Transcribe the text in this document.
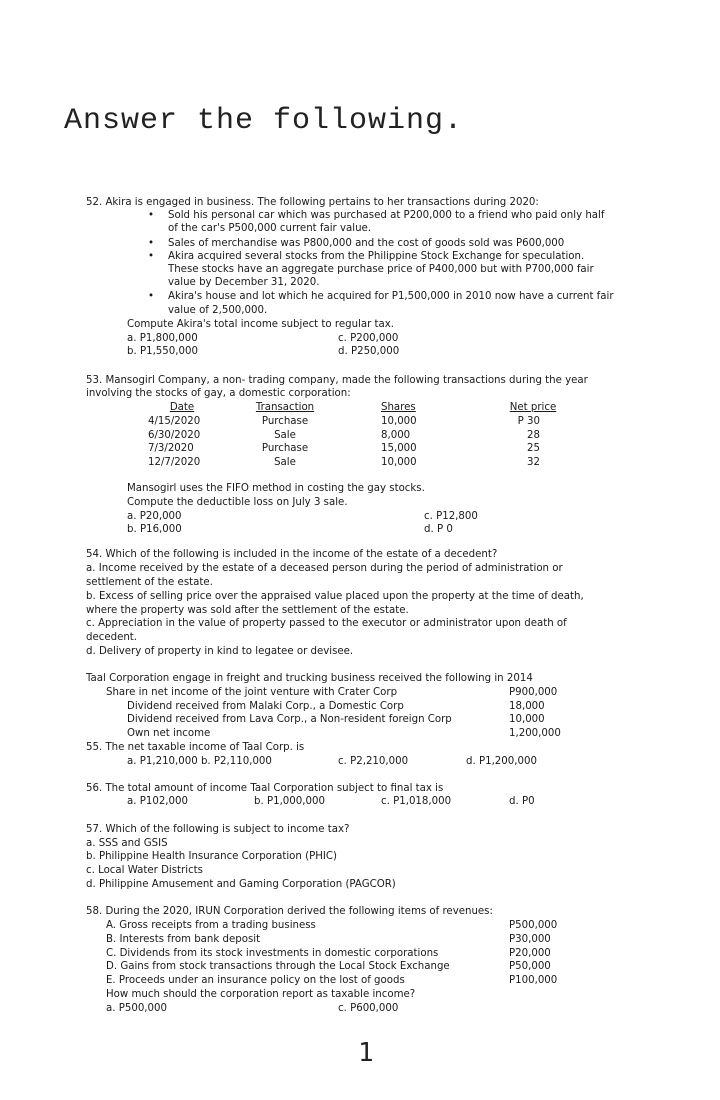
Answer the following.
52. Akira is engaged in business. The following pertains to her transactions during 2020:
• Sold his personal car which was purchased at P200,000 to a friend who paid only half
of the car's P500,000 current fair value.
• Sales of merchandise was P800,000 and the cost of goods sold was P600,000
• Akira acquired several stocks from the Philippine Stock Exchange for speculation.
These stocks have an aggregate purchase price of P400,000 but with P700,000 fair
value by December 31, 2020.
• Akira's house and lot which he acquired for P1,500,000 in 2010 now have a current fair
value of 2,500,000.
Compute Akira's total income subject to regular tax.
a. P1,800,000	c. P200,000
b. P1,550,000	d. P250,000
53. Mansogirl Company, a non- trading company, made the following transactions during the year
involving the stocks of gay, a domestic corporation:
Date	Transaction	Shares	Net price
4/15/2020	Purchase	10,000	P 30
6/30/2020	Sale	8,000	28
7/3/2020	Purchase	15,000	25
12/7/2020	Sale	10,000	32
Mansogirl uses the FIFO method in costing the gay stocks.
Compute the deductible loss on July 3 sale.
a. P20,000	c. P12,800
b. P16,000	d. P 0
54. Which of the following is included in the income of the estate of a decedent?
a. Income received by the estate of a deceased person during the period of administration or
settlement of the estate.
b. Excess of selling price over the appraised value placed upon the property at the time of death,
where the property was sold after the settlement of the estate.
c. Appreciation in the value of property passed to the executor or administrator upon death of
decedent.
d. Delivery of property in kind to legatee or devisee.
Taal Corporation engage in freight and trucking business received the following in 2014
Share in net income of the joint venture with Crater Corp	P900,000
Dividend received from Malaki Corp., a Domestic Corp	18,000
Dividend received from Lava Corp., a Non-resident foreign Corp	10,000
Own net income	1,200,000
55. The net taxable income of Taal Corp. is
a. P1,210,000 b. P2,110,000	c. P2,210,000	d. P1,200,000
56. The total amount of income Taal Corporation subject to final tax is
a. P102,000	b. P1,000,000	c. P1,018,000	d. P0
57. Which of the following is subject to income tax?
a. SSS and GSIS
b. Philippine Health Insurance Corporation (PHIC)
c. Local Water Districts
d. Philippine Amusement and Gaming Corporation (PAGCOR)
58. During the 2020, IRUN Corporation derived the following items of revenues:
A. Gross receipts from a trading business	P500,000
B. Interests from bank deposit	P30,000
C. Dividends from its stock investments in domestic corporations	P20,000
D. Gains from stock transactions through the Local Stock Exchange	P50,000
E. Proceeds under an insurance policy on the lost of goods	P100,000
How much should the corporation report as taxable income?
a. P500,000	c. P600,000
1
